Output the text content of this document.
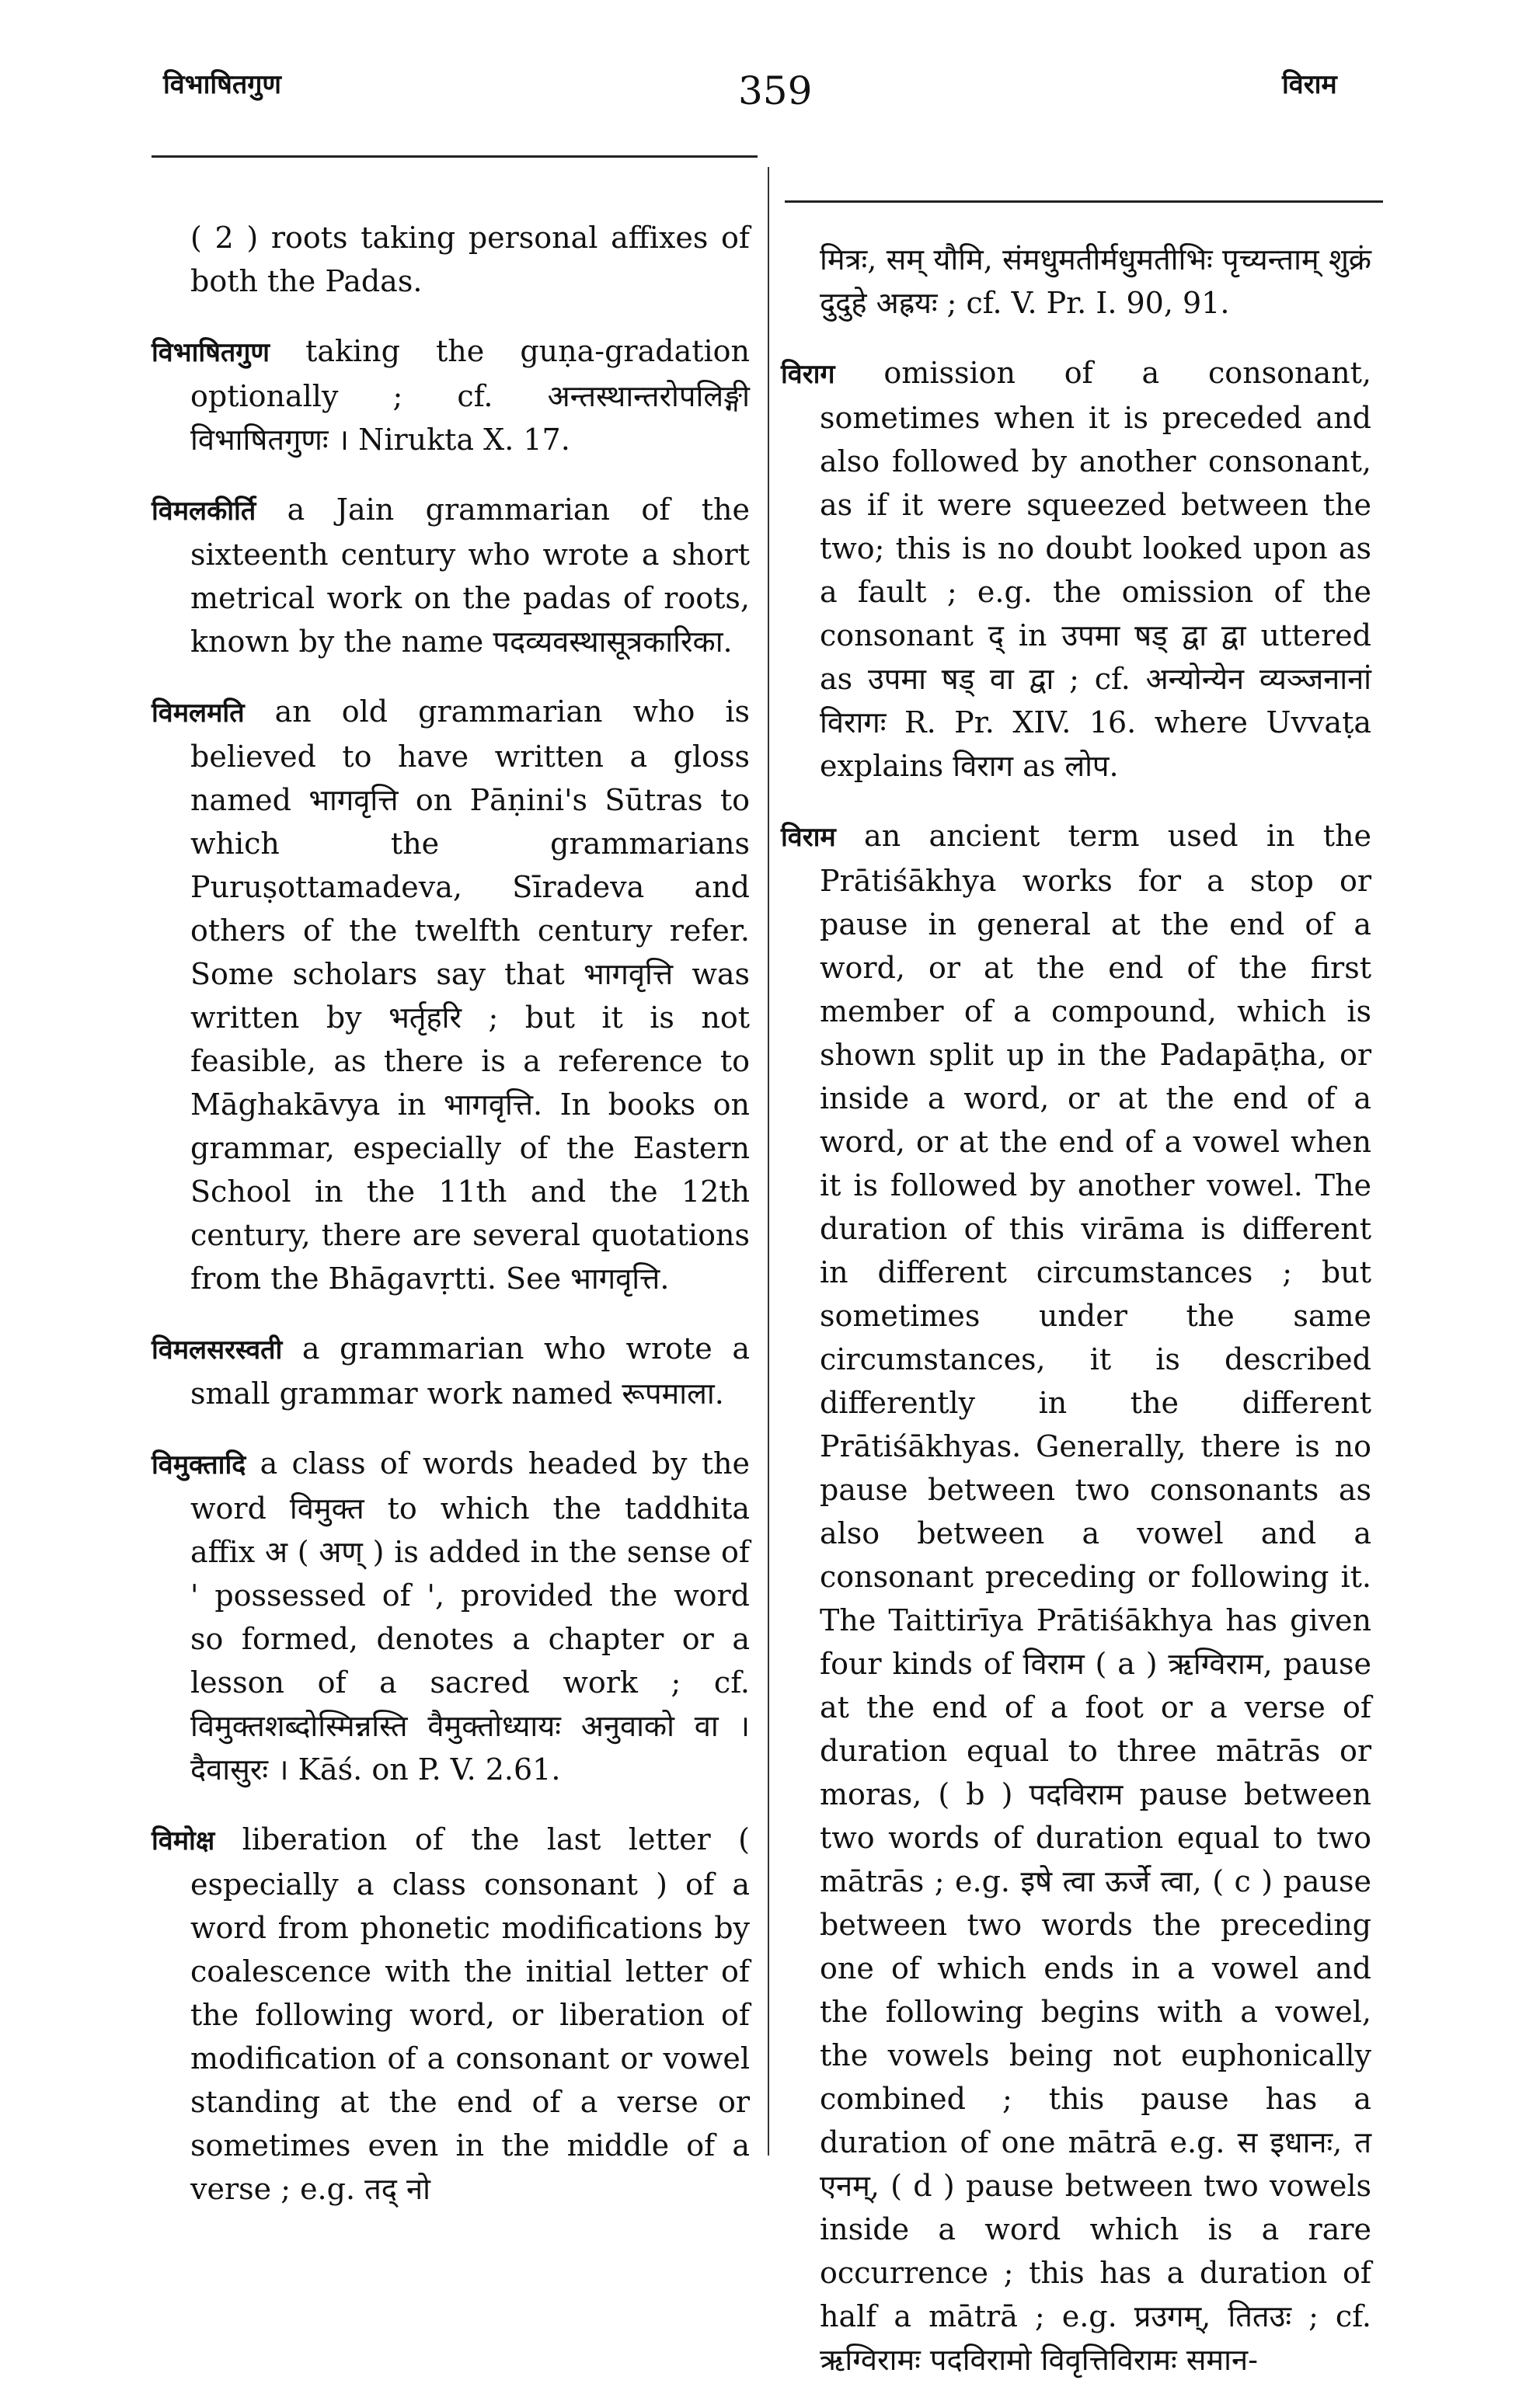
विभाषितगुण	359	विराम

( 2 ) roots taking personal affixes of both the Padas.

विभाषितगुण taking the guṇa-gradation optionally ; cf. अन्तस्थान्तरोपलिङ्गी विभाषितगुणः । Nirukta X. 17.

विमलकीर्ति a Jain grammarian of the sixteenth century who wrote a short metrical work on the padas of roots, known by the name पदव्यवस्थासूत्रकारिका.

विमलमति an old grammarian who is believed to have written a gloss named भागवृत्ति on Pāṇini's Sūtras to which the grammarians Puruṣottamadeva, Sīradeva and others of the twelfth century refer. Some scholars say that भागवृत्ति was written by भर्तृहरि ; but it is not feasible, as there is a reference to Māghakāvya in भागवृत्ति. In books on grammar, especially of the Eastern School in the 11th and the 12th century, there are several quotations from the Bhāgavṛtti. See भागवृत्ति.

विमलसरस्वती a grammarian who wrote a small grammar work named रूपमाला.

विमुक्तादि a class of words headed by the word विमुक्त to which the taddhita affix अ ( अण् ) is added in the sense of ' possessed of ', provided the word so formed, denotes a chapter or a lesson of a sacred work ; cf. विमुक्तशब्दोस्मिन्नस्ति वैमुक्तोध्यायः अनुवाको वा । दैवासुरः । Kāś. on P. V. 2.61.

विमोक्ष liberation of the last letter ( especially a class consonant ) of a word from phonetic modifications by coalescence with the initial letter of the following word, or liberation of modification of a consonant or vowel standing at the end of a verse or sometimes even in the middle of a verse ; e.g. तद् नो

मित्रः, सम् यौमि, संमधुमतीर्मधुमतीभिः पृच्यन्ताम् शुक्रं दुदुहे अह्रयः ; cf. V. Pr. I. 90, 91.

विराग omission of a consonant, sometimes when it is preceded and also followed by another consonant, as if it were squeezed between the two; this is no doubt looked upon as a fault ; e.g. the omission of the consonant द् in उपमा षड्‌ द्वा द्वा uttered as उपमा षड् वा द्वा ; cf. अन्योन्येन व्यञ्जनानां विरागः R. Pr. XIV. 16. where Uvvaṭa explains विराग as लोप.

विराम an ancient term used in the Prātiśākhya works for a stop or pause in general at the end of a word, or at the end of the first member of a compound, which is shown split up in the Padapāṭha, or inside a word, or at the end of a word, or at the end of a vowel when it is followed by another vowel. The duration of this virāma is different in different circumstances ; but sometimes under the same circumstances, it is described differently in the different Prātiśākhyas. Generally, there is no pause between two consonants as also between a vowel and a consonant preceding or following it. The Taittirīya Prātiśākhya has given four kinds of विराम ( a ) ऋग्विराम, pause at the end of a foot or a verse of duration equal to three mātrās or moras, ( b ) पदविराम pause between two words of duration equal to two mātrās ; e.g. इषे त्वा ऊर्जे त्वा, ( c ) pause between two words the preceding one of which ends in a vowel and the following begins with a vowel, the vowels being not euphonically combined ; this pause has a duration of one mātrā e.g. स इधानः, त एनम्, ( d ) pause between two vowels inside a word which is a rare occurrence ; this has a duration of half a mātrā ; e.g. प्रउगम्, तितउः ; cf. ऋग्विरामः पदविरामो विवृत्तिविरामः समान-
